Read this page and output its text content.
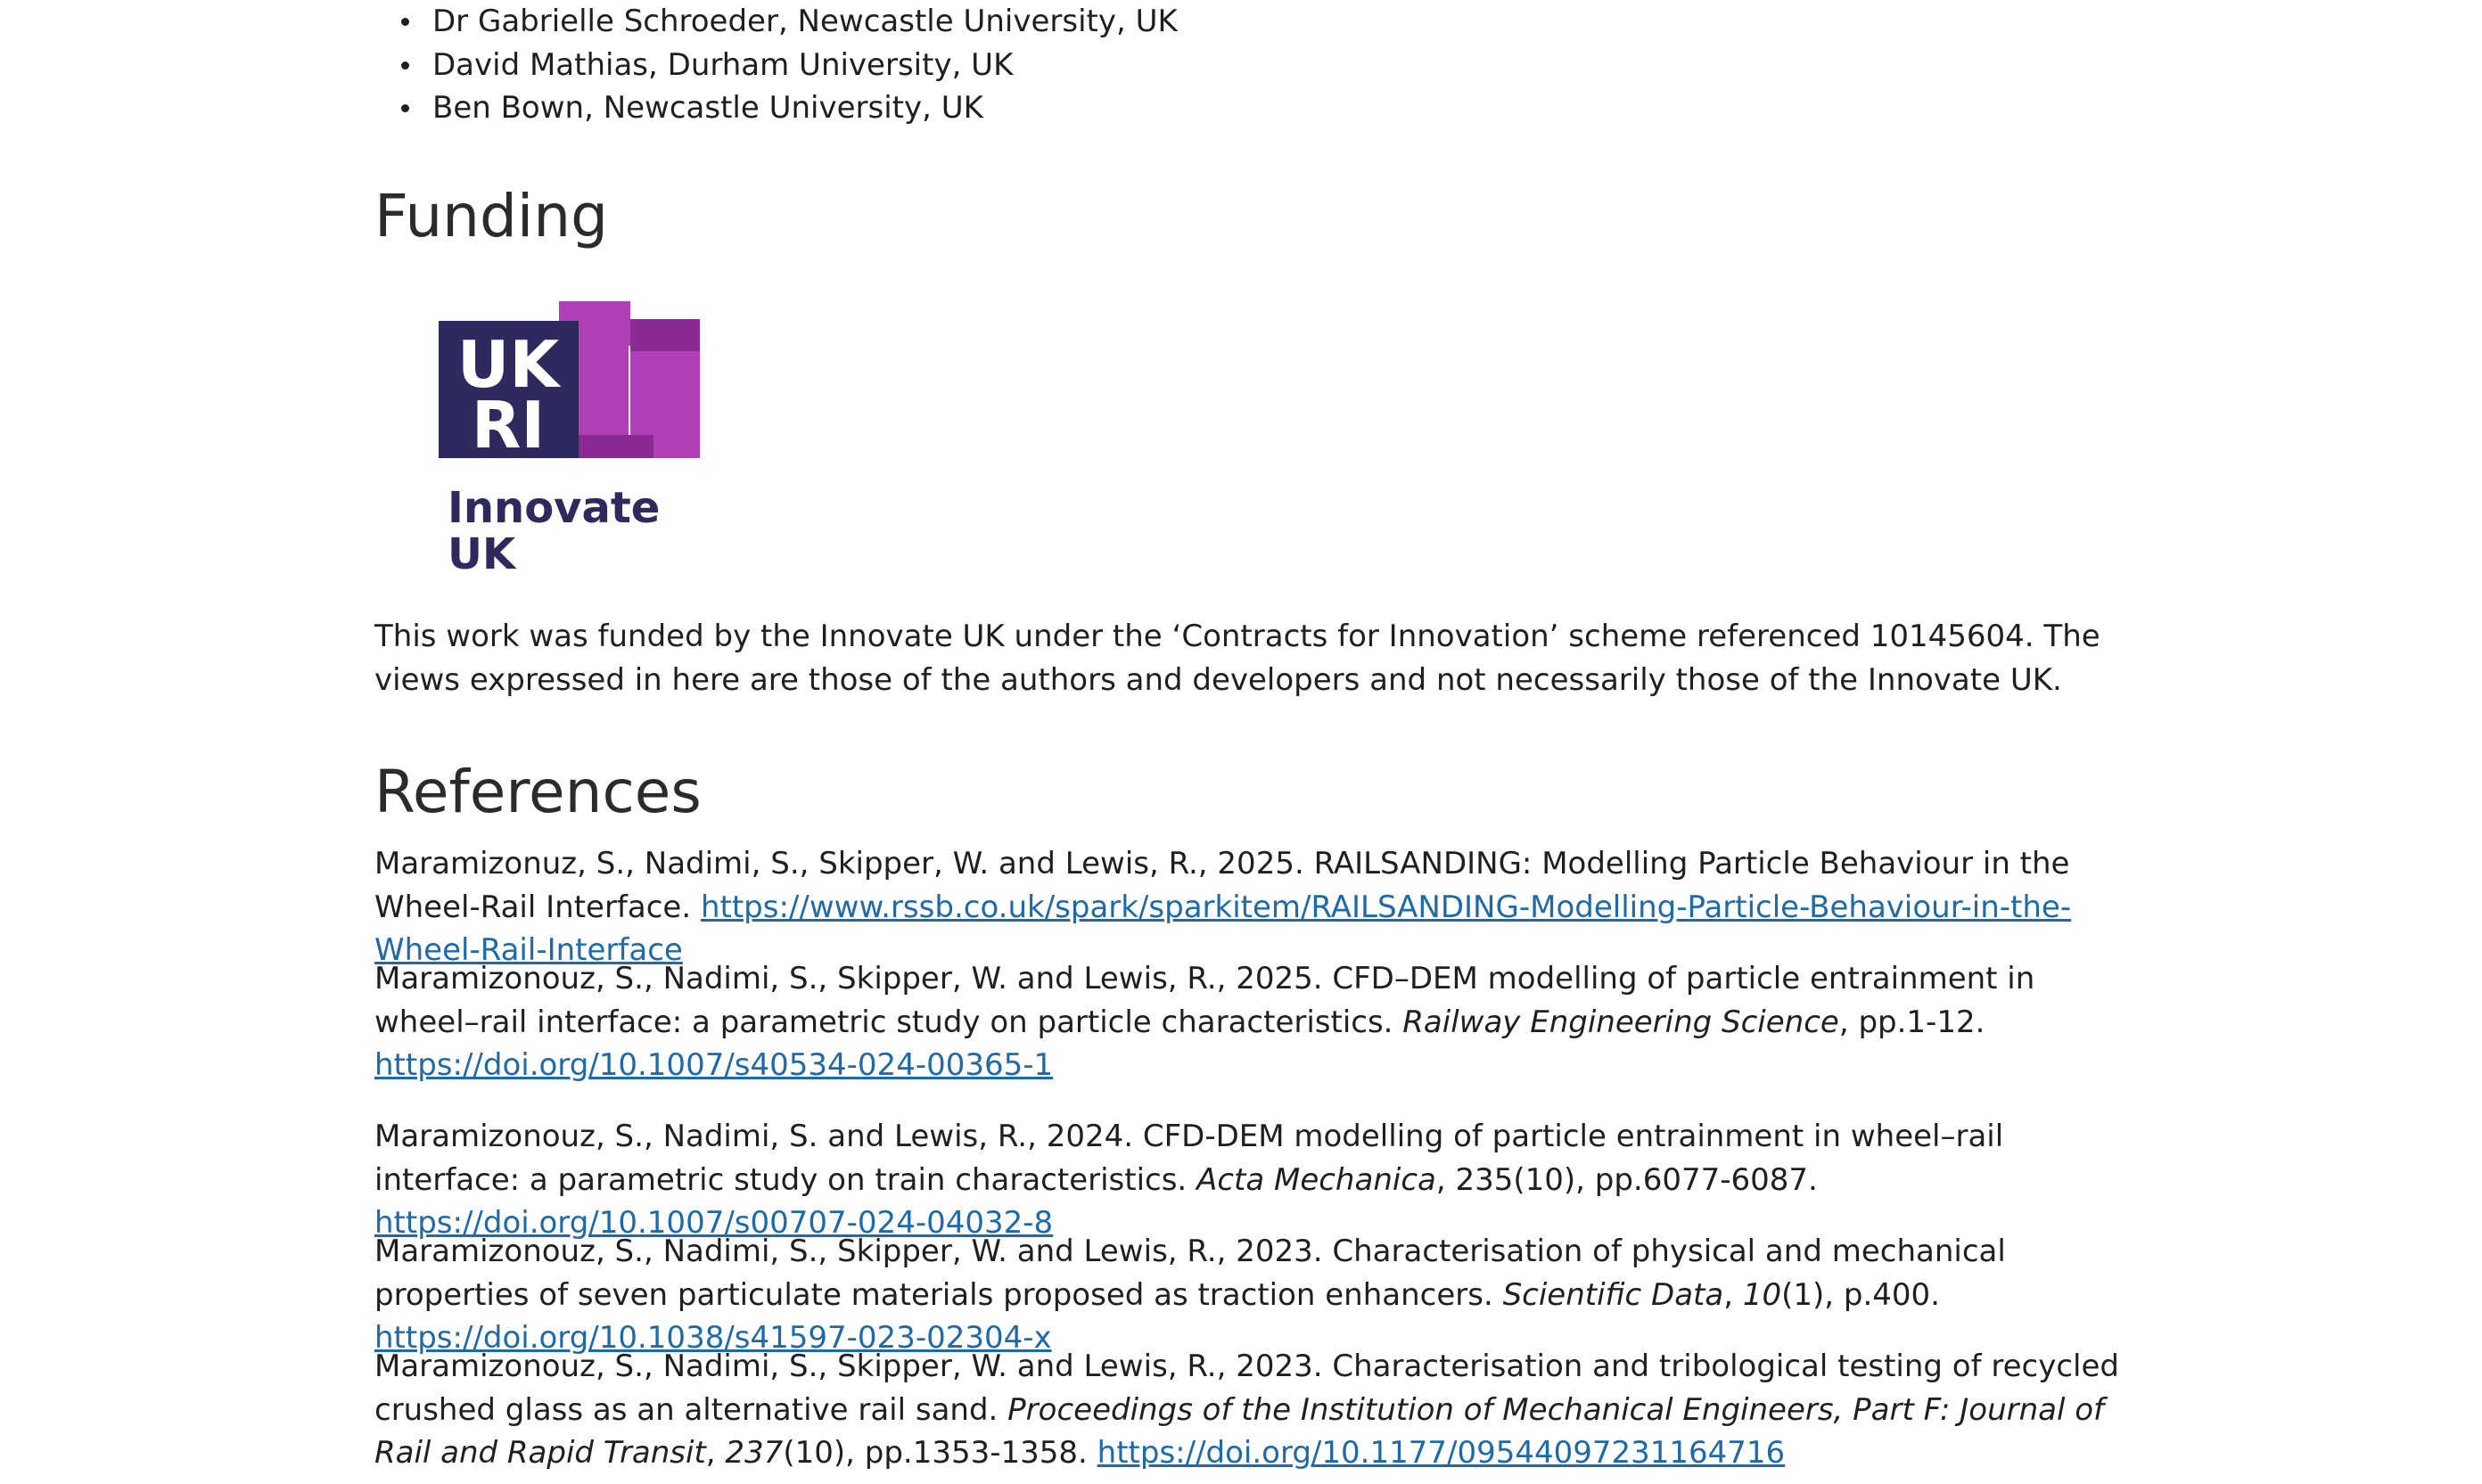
Dr Gabrielle Schroeder, Newcastle University, UK
David Mathias, Durham University, UK
Ben Bown, Newcastle University, UK
Funding
UK
RI
Innovate
UK

This work was funded by the Innovate UK under the ‘Contracts for Innovation’ scheme referenced 10145604. The views expressed in here are those of the authors and developers and not necessarily those of the Innovate UK.

References

Maramizonuz, S., Nadimi, S., Skipper, W. and Lewis, R., 2025. RAILSANDING: Modelling Particle Behaviour in the Wheel-Rail Interface. https://www.rssb.co.uk/spark/sparkitem/RAILSANDING-Modelling-Particle-Behaviour-in-the-Wheel-Rail-Interface

Maramizonouz, S., Nadimi, S., Skipper, W. and Lewis, R., 2025. CFD–DEM modelling of particle entrainment in wheel–rail interface: a parametric study on particle characteristics. Railway Engineering Science, pp.1-12. https://doi.org/10.1007/s40534-024-00365-1

Maramizonouz, S., Nadimi, S. and Lewis, R., 2024. CFD-DEM modelling of particle entrainment in wheel–rail interface: a parametric study on train characteristics. Acta Mechanica, 235(10), pp.6077-6087. https://doi.org/10.1007/s00707-024-04032-8

Maramizonouz, S., Nadimi, S., Skipper, W. and Lewis, R., 2023. Characterisation of physical and mechanical properties of seven particulate materials proposed as traction enhancers. Scientific Data, 10(1), p.400. https://doi.org/10.1038/s41597-023-02304-x

Maramizonouz, S., Nadimi, S., Skipper, W. and Lewis, R., 2023. Characterisation and tribological testing of recycled crushed glass as an alternative rail sand. Proceedings of the Institution of Mechanical Engineers, Part F: Journal of Rail and Rapid Transit, 237(10), pp.1353-1358. https://doi.org/10.1177/09544097231164716
